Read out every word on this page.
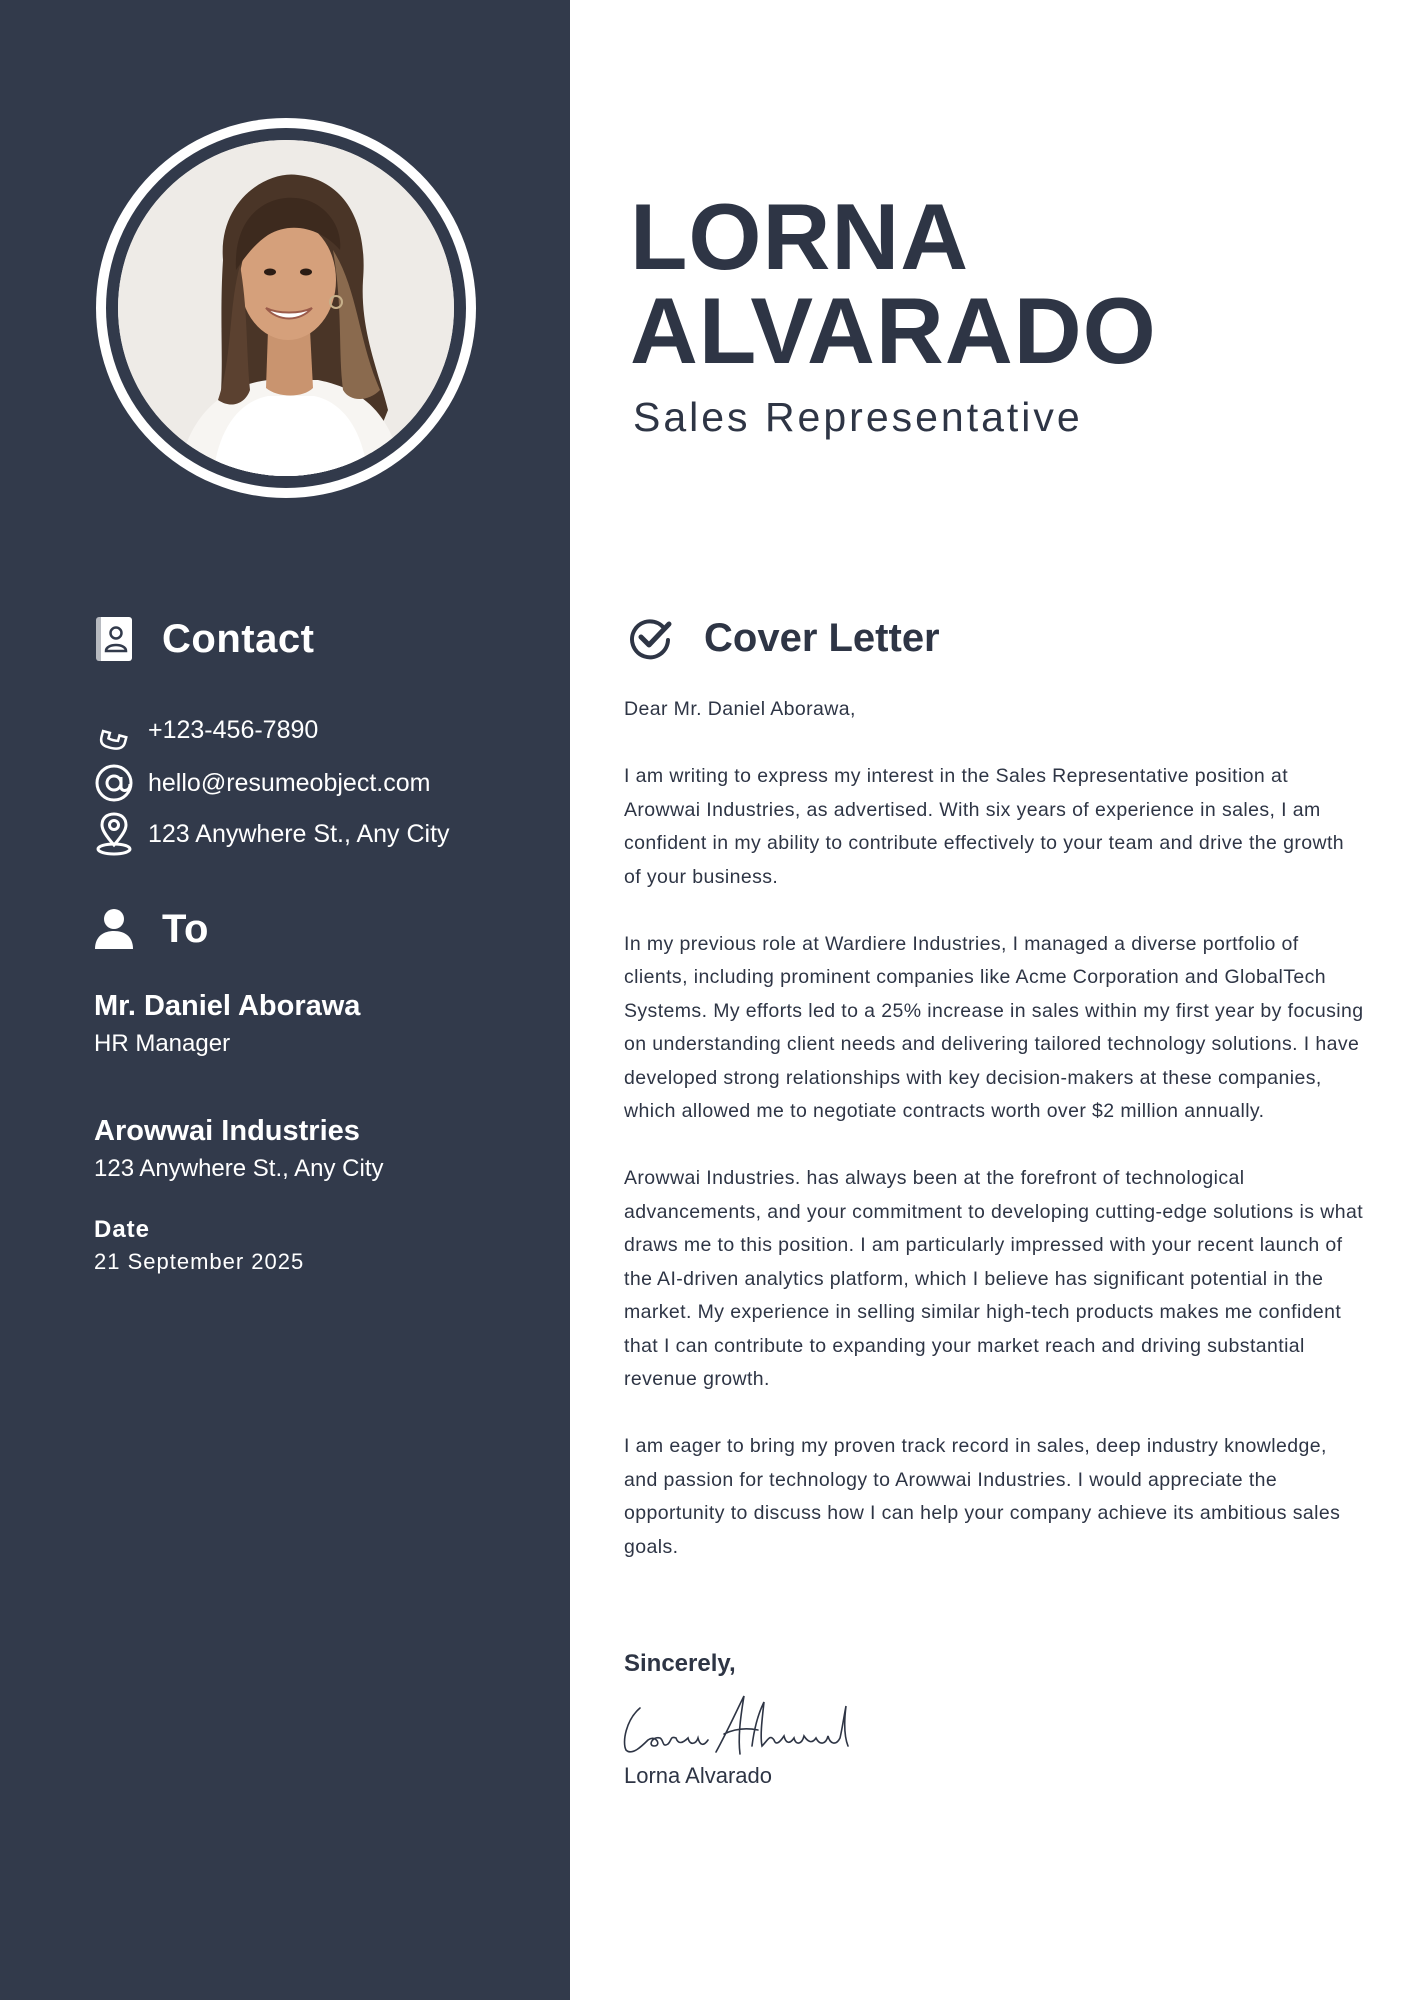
Contact
+123-456-7890
hello@resumeobject.com
123 Anywhere St., Any City
To
Mr. Daniel Aborawa
HR Manager
Arowwai Industries
123 Anywhere St., Any City
Date
21 September 2025
LORNA
ALVARADO
Sales Representative
Cover Letter

Dear Mr. Daniel Aborawa,

I am writing to express my interest in the Sales Representative position at Arowwai Industries, as advertised. With six years of experience in sales, I am confident in my ability to contribute effectively to your team and drive the growth of your business.

In my previous role at Wardiere Industries, I managed a diverse portfolio of clients, including prominent companies like Acme Corporation and GlobalTech Systems. My efforts led to a 25% increase in sales within my first year by focusing on understanding client needs and delivering tailored technology solutions. I have developed strong relationships with key decision-makers at these companies, which allowed me to negotiate contracts worth over $2 million annually.

Arowwai Industries. has always been at the forefront of technological advancements, and your commitment to developing cutting-edge solutions is what draws me to this position. I am particularly impressed with your recent launch of the AI-driven analytics platform, which I believe has significant potential in the market. My experience in selling similar high-tech products makes me confident that I can contribute to expanding your market reach and driving substantial revenue growth.

I am eager to bring my proven track record in sales, deep industry knowledge, and passion for technology to Arowwai Industries. I would appreciate the opportunity to discuss how I can help your company achieve its ambitious sales goals.

Sincerely,
Lorna Alvarado
